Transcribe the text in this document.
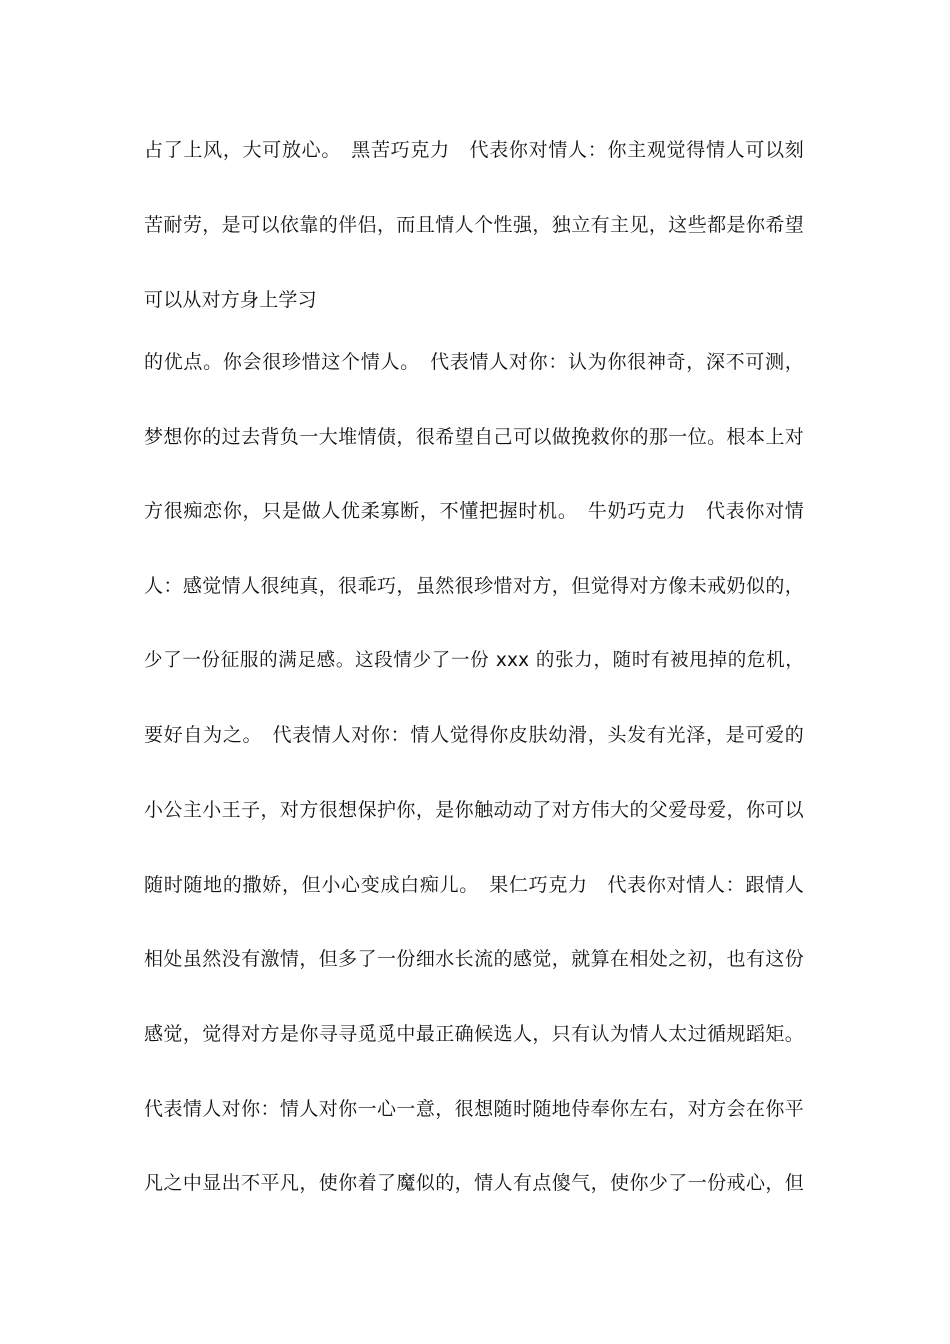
占了上风，大可放心。　黑苦巧克力　代表你对情人：你主观觉得情人可以刻
苦耐劳，是可以依靠的伴侣，而且情人个性强，独立有主见，这些都是你希望
可以从对方身上学习
的优点。你会很珍惜这个情人。　代表情人对你：认为你很神奇，深不可测，
梦想你的过去背负一大堆情债，很希望自己可以做挽救你的那一位。根本上对
方很痴恋你，只是做人优柔寡断，不懂把握时机。　牛奶巧克力　代表你对情
人：感觉情人很纯真，很乖巧，虽然很珍惜对方，但觉得对方像未戒奶似的，
少了一份征服的满足感。这段情少了一份 xxx 的张力，随时有被甩掉的危机，
要好自为之。　代表情人对你：情人觉得你皮肤幼滑，头发有光泽，是可爱的
小公主小王子，对方很想保护你，是你触动动了对方伟大的父爱母爱，你可以
随时随地的撒娇，但小心变成白痴儿。　果仁巧克力　代表你对情人：跟情人
相处虽然没有激情，但多了一份细水长流的感觉，就算在相处之初，也有这份
感觉，觉得对方是你寻寻觅觅中最正确候选人，只有认为情人太过循规蹈矩。
代表情人对你：情人对你一心一意，很想随时随地侍奉你左右，对方会在你平
凡之中显出不平凡，使你着了魔似的，情人有点傻气，使你少了一份戒心，但
